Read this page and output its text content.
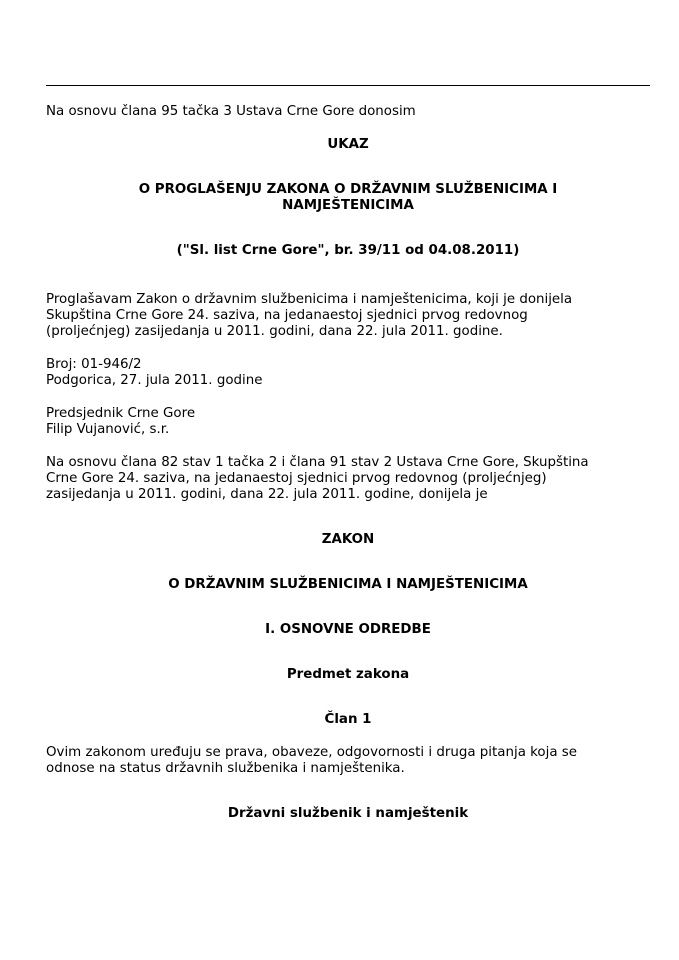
Na osnovu člana 95 tačka 3 Ustava Crne Gore donosim

UKAZ

O PROGLAŠENJU ZAKONA O DRŽAVNIM SLUŽBENICIMA I

NAMJEŠTENICIMA

("Sl. list Crne Gore", br. 39/11 od 04.08.2011)

Proglašavam Zakon o državnim službenicima i namještenicima, koji je donijela

Skupština Crne Gore 24. saziva, na jedanaestoj sjednici prvog redovnog

(proljećnjeg) zasijedanja u 2011. godini, dana 22. jula 2011. godine.

Broj: 01-946/2

Podgorica, 27. jula 2011. godine

Predsjednik Crne Gore

Filip Vujanović, s.r.

Na osnovu člana 82 stav 1 tačka 2 i člana 91 stav 2 Ustava Crne Gore, Skupština

Crne Gore 24. saziva, na jedanaestoj sjednici prvog redovnog (proljećnjeg)

zasijedanja u 2011. godini, dana 22. jula 2011. godine, donijela je

ZAKON

O DRŽAVNIM SLUŽBENICIMA I NAMJEŠTENICIMA

I. OSNOVNE ODREDBE

Predmet zakona

Član 1

Ovim zakonom uređuju se prava, obaveze, odgovornosti i druga pitanja koja se

odnose na status državnih službenika i namještenika.

Državni službenik i namještenik
